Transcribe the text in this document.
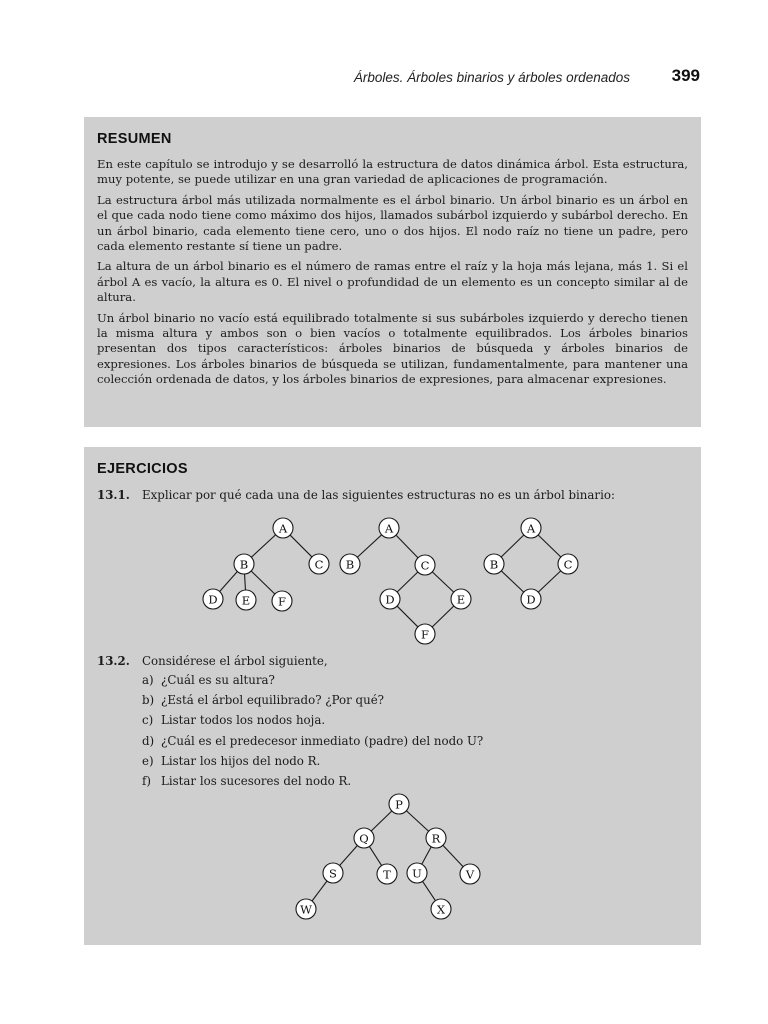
Árboles. Árboles binarios y árboles ordenados 399
RESUMEN

En este capítulo se introdujo y se desarrolló la estructura de datos dinámica árbol. Esta estructura, muy potente, se puede utilizar en una gran variedad de aplicaciones de programación.

La estructura árbol más utilizada normalmente es el árbol binario. Un árbol binario es un árbol en el que cada nodo tiene como máximo dos hijos, llamados subárbol izquierdo y subárbol derecho. En un árbol binario, cada elemento tiene cero, uno o dos hijos. El nodo raíz no tiene un padre, pero cada elemento restante sí tiene un padre.

La altura de un árbol binario es el número de ramas entre el raíz y la hoja más lejana, más 1. Si el árbol A es vacío, la altura es 0. El nivel o profundidad de un elemento es un concepto similar al de altura.

Un árbol binario no vacío está equilibrado totalmente si sus subárboles izquierdo y derecho tienen la misma altura y ambos son o bien vacíos o totalmente equilibrados. Los árboles binarios presentan dos tipos característicos: árboles binarios de búsqueda y árboles binarios de expresiones. Los árboles binarios de búsqueda se utilizan, fundamentalmente, para mantener una colección ordenada de datos, y los árboles binarios de expresiones, para almacenar expresiones.

EJERCICIOS
13.1.	Explicar por qué cada una de las siguientes estructuras no es un árbol binario:
A
B	C
D E F
A
B	C
D	E
F
A
B	C
D
13.2.	Considérese el árbol siguiente,
a) ¿Cuál es su altura?
b) ¿Está el árbol equilibrado? ¿Por qué?
c) Listar todos los nodos hoja.
d) ¿Cuál es el predecesor inmediato (padre) del nodo U?
e) Listar los hijos del nodo R.
f) Listar los sucesores del nodo R.
P
Q	R
S	T U	V
W	X
